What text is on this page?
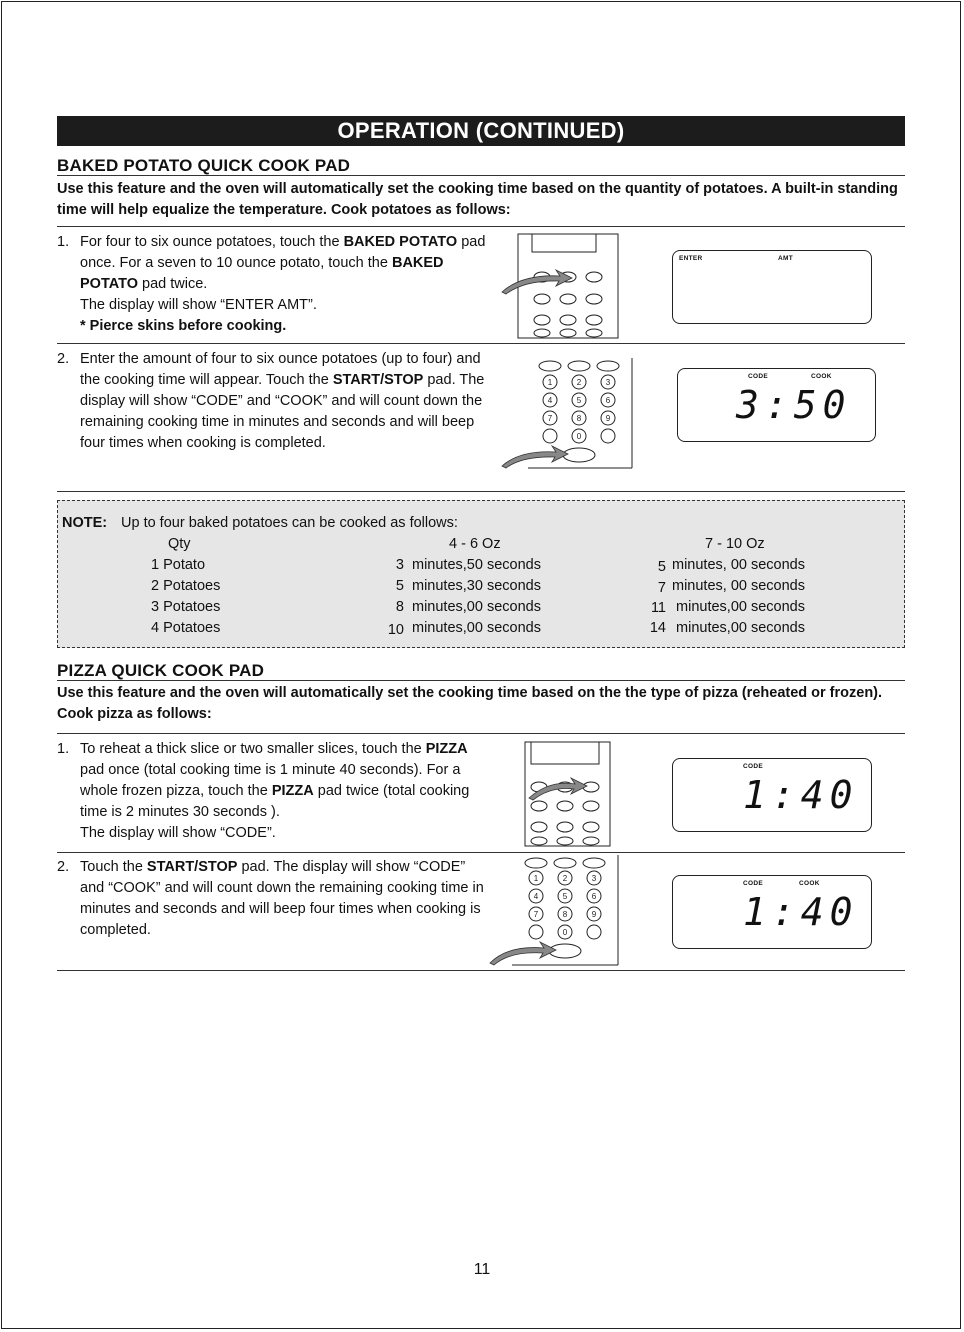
OPERATION (CONTINUED)
BAKED POTATO QUICK COOK PAD
Use this feature and the oven will automatically set the cooking time based on the quantity of potatoes. A built-in standing time will help equalize the temperature. Cook potatoes as follows:
1. For four to six ounce potatoes, touch the BAKED POTATO pad once. For a seven to 10 ounce potato, touch the BAKED POTATO pad twice.
The display will show “ENTER AMT”.
* Pierce skins before cooking.
ENTER	AMT
2. Enter the amount of four to six ounce potatoes (up to four) and the cooking time will appear. Touch the START/STOP pad. The display will show “CODE” and “COOK” and will count down the remaining cooking time in minutes and seconds and will beep four times when cooking is completed.
1	2	3
4	5	6
7	8	9
0
CODE	COOK
3:50
NOTE: Up to four baked potatoes can be cooked as follows:
Qty	4 - 6 Oz	7 - 10 Oz
1 Potato	3 minutes,50 seconds	5 minutes, 00 seconds
2 Potatoes	5 minutes,30 seconds	7 minutes, 00 seconds
3 Potatoes	8 minutes,00 seconds	11 minutes,00 seconds
4 Potatoes	10 minutes,00 seconds	14 minutes,00 seconds
PIZZA QUICK COOK PAD
Use this feature and the oven will automatically set the cooking time based on the the type of pizza (reheated or frozen). Cook pizza as follows:
1. To reheat a thick slice or two smaller slices, touch the PIZZA pad once (total cooking time is 1 minute 40 seconds). For a whole frozen pizza, touch the PIZZA pad twice (total cooking time is 2 minutes 30 seconds ).
The display will show “CODE”.
CODE
1:40
2. Touch the START/STOP pad. The display will show “CODE” and “COOK” and will count down the remaining cooking time in minutes and seconds and will beep four times when cooking is completed.
1	2	3
4	5	6
7	8	9
0
CODE	COOK
1:40
11
